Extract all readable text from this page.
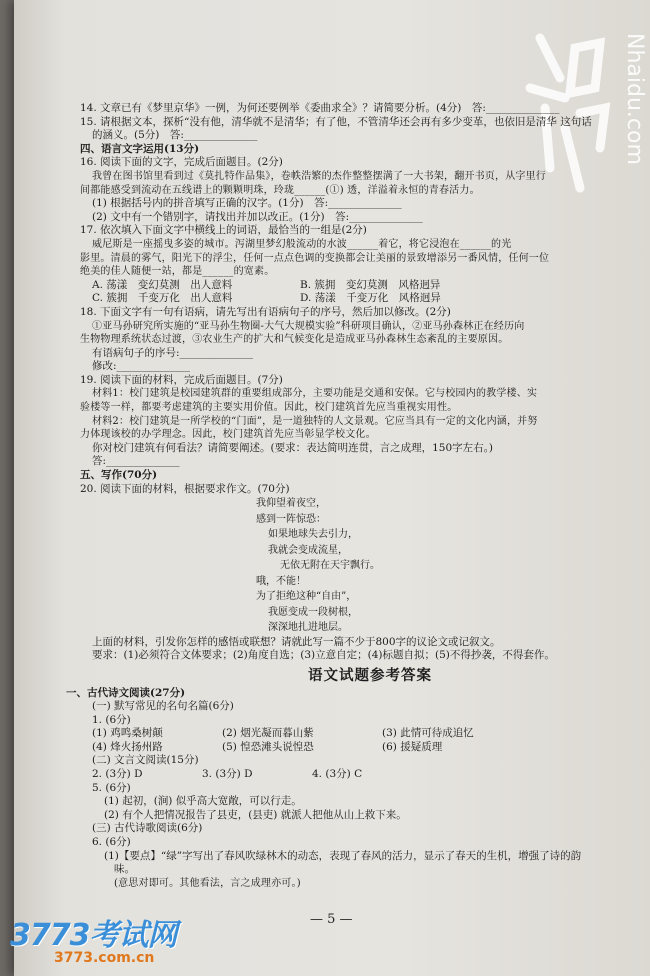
Nhaidu.com
14. 文章已有《梦里京华》一例，为何还要例举《委曲求全》？请简要分析。(4分)　答:______________
15. 请根据文本，探析“没有他，清华就不是清华；有了他，不管清华还会再有多少变革，也依旧是清华 这句话
的涵义。(5分)　答:______________
四、语言文字运用(13分)
16. 阅读下面的文字，完成后面题目。(2分)
我曾在图书馆里看到过《莫扎特作品集》，卷帙浩繁的杰作整整摆满了一大书架，翻开书页，从字里行
间都能感受到流动在五线谱上的颗颗明珠，玲珑______(①) 透，洋溢着永恒的青春活力。
(1) 根据括号内的拼音填写正确的汉字。(1分)　答:______________
(2) 文中有一个错别字，请找出并加以改正。(1分)　答:______________
17. 依次填入下面文字中横线上的词语，最恰当的一组是(2分)
威尼斯是一座摇曳多姿的城市。泻湖里梦幻般流动的水波______着它，将它浸泡在______的光
影里。清晨的雾气，阳光下的浮尘，任何一点点色调的变换都会让美丽的景致增添另一番风情，任何一位
绝美的佳人随便一站，都是______的宽素。
A. 荡漾　变幻莫测　出人意料	B. 簇拥　变幻莫测　风格迥异
C. 簇拥　千变万化　出人意料	D. 荡漾　千变万化　风格迥异
18. 下面文字有一句有语病，请先写出有语病句子的序号，然后加以修改。(2分)
①亚马孙研究所实施的“亚马孙生物圈-大气大规模实验”科研项目确认，②亚马孙森林正在经历向
生物物理系统状态过渡，③农业生产的扩大和气候变化是造成亚马孙森林生态紊乱的主要原因。
有语病句子的序号:______________
修改:______________
19. 阅读下面的材料，完成后面题目。(7分)
材料1：校门建筑是校园建筑群的重要组成部分，主要功能是交通和安保。它与校园内的教学楼、实
验楼等一样，都要考虑建筑的主要实用价值。因此，校门建筑首先应当重视实用性。
材料2：校门建筑是一所学校的“门面”，是一道独特的人文景观。它应当具有一定的文化内涵，并努
力体现该校的办学理念。因此，校门建筑首先应当彰显学校文化。
你对校门建筑有何看法？请简要阐述。(要求：表达简明连贯，言之成理，150字左右。)
答:______________
五、写作(70分)
20. 阅读下面的材料，根据要求作文。(70分)
我仰望着夜空，
感到一阵惊恐：
如果地球失去引力，
我就会变成流星，
无依无附在天宇飘行。
哦，不能！
为了拒绝这种“自由”，
我愿变成一段树根，
深深地扎进地层。
上面的材料，引发你怎样的感悟或联想？请就此写一篇不少于800字的议论文或记叙文。
要求：(1)必须符合文体要求；(2)角度自选；(3)立意自定；(4)标题自拟；(5)不得抄袭，不得套作。
语文试题参考答案
一、古代诗文阅读(27分)
(一) 默写常见的名句名篇(6分)
1. (6分)
(1) 鸡鸣桑树颠	(2) 烟光凝而暮山紫	(3) 此情可待成追忆
(4) 烽火扬州路	(5) 惶恐滩头说惶恐	(6) 援疑质理
(二) 文言文阅读(15分)
2. (3分) D	3. (3分) D	4. (3分) C
5. (6分)
(1) 起初，(涧) 似乎高大宽敞，可以行走。
(2) 有个人把情况报告了县吏，(县吏) 就派人把他从山上救下来。
(三) 古代诗歌阅读(6分)
6. (6分)
(1)【要点】“绿”字写出了春风吹绿林木的动态，表现了春风的活力，显示了春天的生机，增强了诗的韵
味。
(意思对即可。其他看法，言之成理亦可。)
— 5 —
3773考试网
3773.com.cn
